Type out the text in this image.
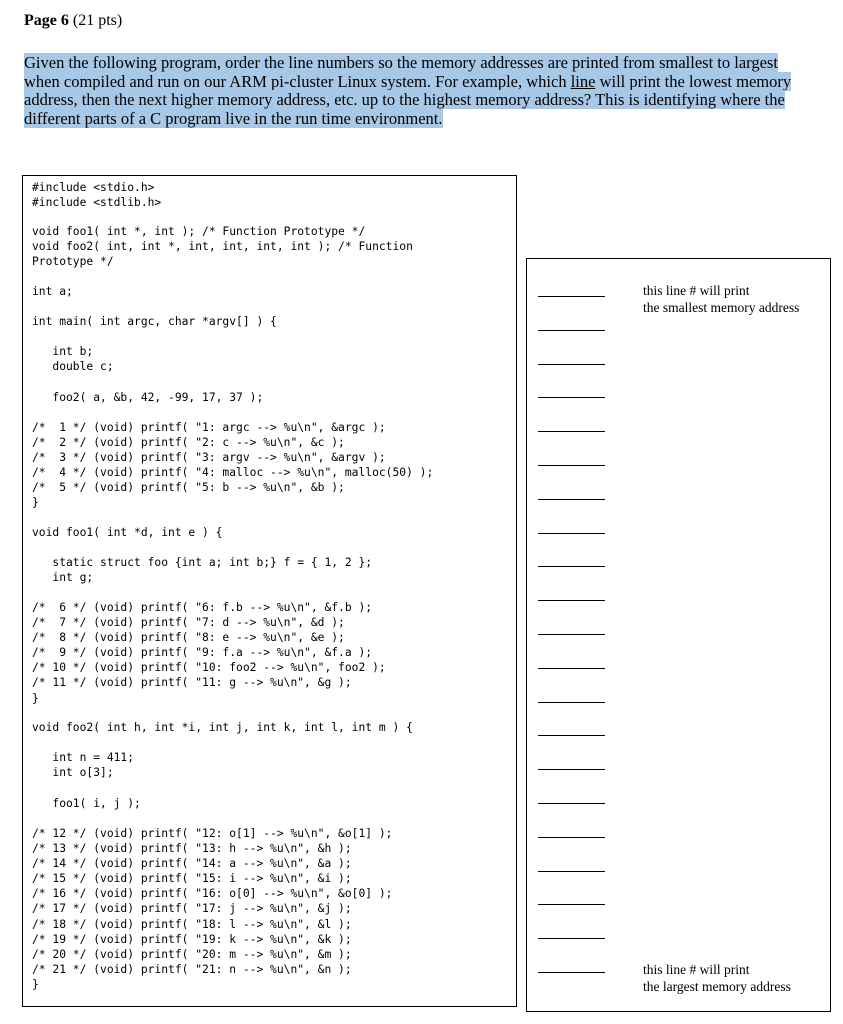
Page 6 (21 pts)
Given the following program, order the line numbers so the memory addresses are printed from smallest to largest when compiled and run on our ARM pi-cluster Linux system. For example, which line will print the lowest memory address, then the next higher memory address, etc. up to the highest memory address? This is identifying where the different parts of a C program live in the run time environment.
#include <stdio.h>
#include <stdlib.h>
void foo1( int *, int ); /* Function Prototype */
void foo2( int, int *, int, int, int, int ); /* Function
Prototype */
int a;
int main( int argc, char *argv[] ) {
int b;
double c;
foo2( a, &b, 42, -99, 17, 37 );
/*  1 */ (void) printf( "1: argc --> %u\n", &argc );
/*  2 */ (void) printf( "2: c --> %u\n", &c );
/*  3 */ (void) printf( "3: argv --> %u\n", &argv );
/*  4 */ (void) printf( "4: malloc --> %u\n", malloc(50) );
/*  5 */ (void) printf( "5: b --> %u\n", &b );
}
void foo1( int *d, int e ) {
static struct foo {int a; int b;} f = { 1, 2 };
int g;
/*  6 */ (void) printf( "6: f.b --> %u\n", &f.b );
/*  7 */ (void) printf( "7: d --> %u\n", &d );
/*  8 */ (void) printf( "8: e --> %u\n", &e );
/*  9 */ (void) printf( "9: f.a --> %u\n", &f.a );
/* 10 */ (void) printf( "10: foo2 --> %u\n", foo2 );
/* 11 */ (void) printf( "11: g --> %u\n", &g );
}
void foo2( int h, int *i, int j, int k, int l, int m ) {
int n = 411;
int o[3];
foo1( i, j );
/* 12 */ (void) printf( "12: o[1] --> %u\n", &o[1] );
/* 13 */ (void) printf( "13: h --> %u\n", &h );
/* 14 */ (void) printf( "14: a --> %u\n", &a );
/* 15 */ (void) printf( "15: i --> %u\n", &i );
/* 16 */ (void) printf( "16: o[0] --> %u\n", &o[0] );
/* 17 */ (void) printf( "17: j --> %u\n", &j );
/* 18 */ (void) printf( "18: l --> %u\n", &l );
/* 19 */ (void) printf( "19: k --> %u\n", &k );
/* 20 */ (void) printf( "20: m --> %u\n", &m );
/* 21 */ (void) printf( "21: n --> %u\n", &n );
}
this line # will print
the smallest memory address
this line # will print
the largest memory address
